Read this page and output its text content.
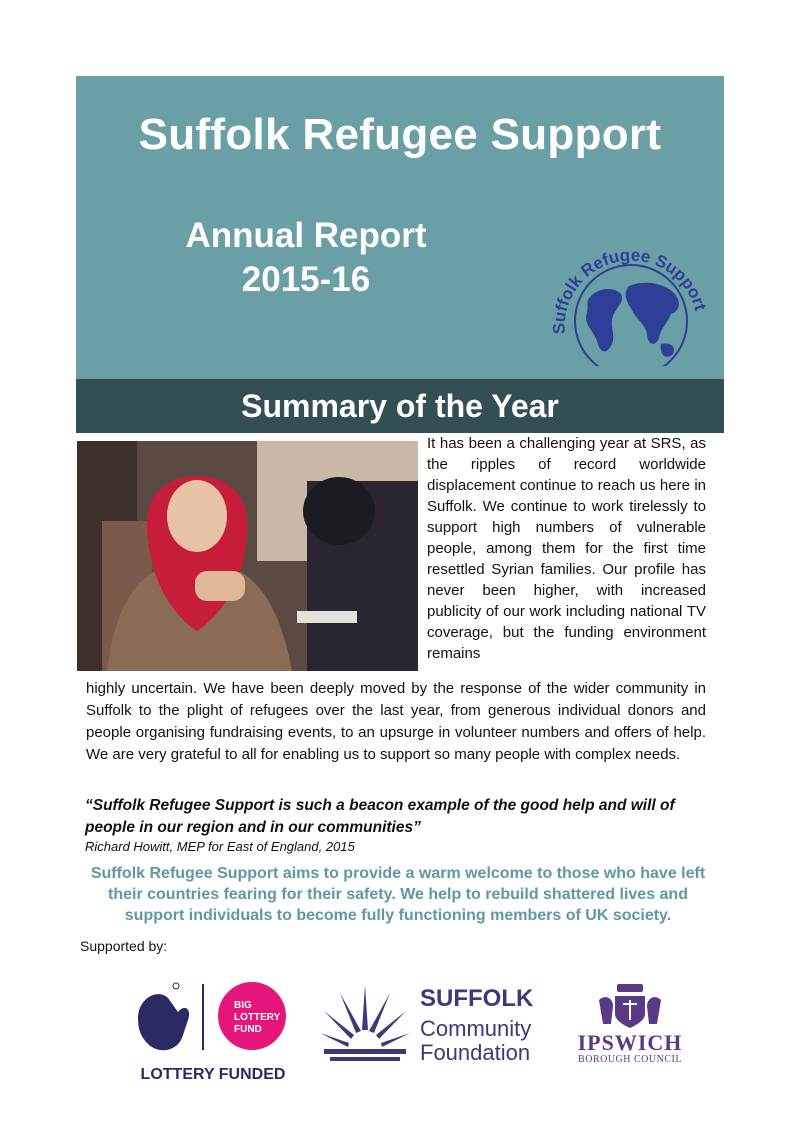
Suffolk Refugee Support
Annual Report
2015-16
Suffolk Refugee Support
Summary of the Year
It has been a challenging year at SRS, as the ripples of record worldwide displacement continue to reach us here in Suffolk. We continue to work tirelessly to support high numbers of vulnerable people, among them for the first time resettled Syrian families. Our profile has never been higher, with increased publicity of our work including national TV coverage, but the funding environment remains
highly uncertain. We have been deeply moved by the response of the wider community in Suffolk to the plight of refugees over the last year, from generous individual donors and people organising fundraising events, to an upsurge in volunteer numbers and offers of help. We are very grateful to all for enabling us to support so many people with complex needs.
“Suffolk Refugee Support is such a beacon example of the good help and will of people in our region and in our communities”
Richard Howitt, MEP for East of England, 2015
Suffolk Refugee Support aims to provide a warm welcome to those who have left their countries fearing for their safety. We help to rebuild shattered lives and support individuals to become fully functioning members of UK society.
Supported by:
BIG
LOTTERY
FUND
LOTTERY FUNDED
SUFFOLK
Community
Foundation IPSWICH
BOROUGH COUNCIL
